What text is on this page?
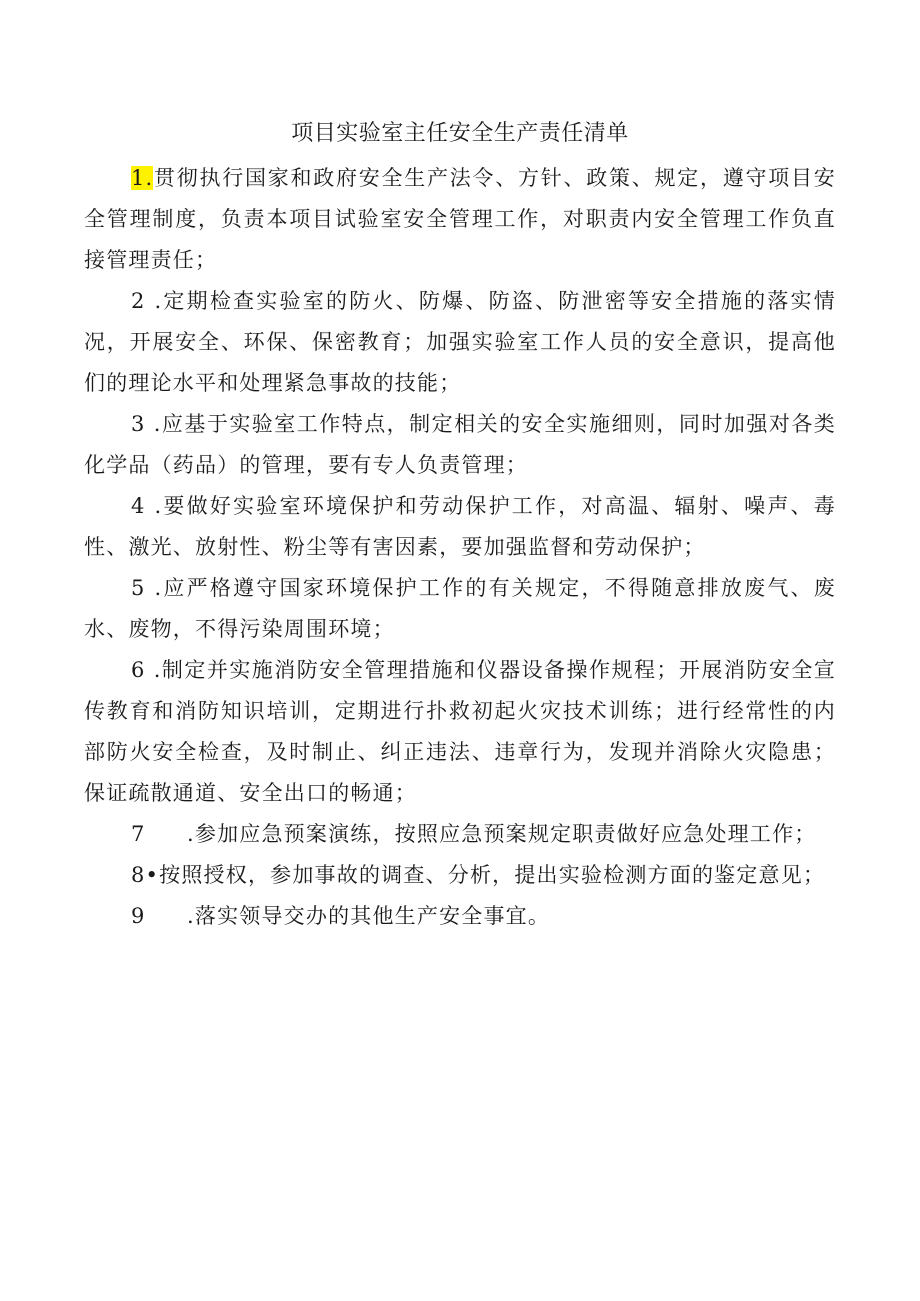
项目实验室主任安全生产责任清单

1.贯彻执行国家和政府安全生产法令、方针、政策、规定，遵守项目安全管理制度，负责本项目试验室安全管理工作，对职责内安全管理工作负直接管理责任；

2 .定期检查实验室的防火、防爆、防盗、防泄密等安全措施的落实情况，开展安全、环保、保密教育；加强实验室工作人员的安全意识，提高他们的理论水平和处理紧急事故的技能；

3 .应基于实验室工作特点，制定相关的安全实施细则，同时加强对各类化学品（药品）的管理，要有专人负责管理；

4 .要做好实验室环境保护和劳动保护工作，对高温、辐射、噪声、毒性、激光、放射性、粉尘等有害因素，要加强监督和劳动保护；

5 .应严格遵守国家环境保护工作的有关规定，不得随意排放废气、废水、废物，不得污染周围环境；

6 .制定并实施消防安全管理措施和仪器设备操作规程；开展消防安全宣传教育和消防知识培训，定期进行扑救初起火灾技术训练；进行经常性的内部防火安全检查，及时制止、纠正违法、违章行为，发现并消除火灾隐患；保证疏散通道、安全出口的畅通；

7 .参加应急预案演练，按照应急预案规定职责做好应急处理工作；

8•按照授权，参加事故的调查、分析，提出实验检测方面的鉴定意见；

9 .落实领导交办的其他生产安全事宜。
